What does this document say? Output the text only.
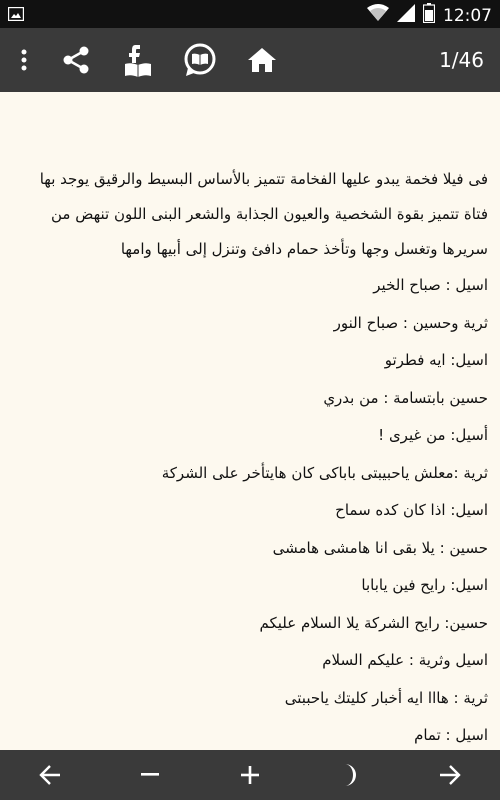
12:07
1/46
فى فيلا فخمة يبدو عليها الفخامة تتميز بالأساس البسيط والرقيق يوجد بها فتاة تتميز بقوة الشخصية والعيون الجذابة والشعر البنى اللون تنهض من سريرها وتغسل وجها وتأخذ حمام دافئ وتنزل إلى أبيها وامها
اسيل : صباح الخير
ثرية وحسين : صباح النور
اسيل: ايه فطرتو
حسين بابتسامة : من بدري
أسيل: من غيرى !
ثرية :معلش ياحبيبتى باباكى كان هايتأخر على الشركة
اسيل: اذا كان كده سماح
حسين : يلا بقى انا هامشى هامشى
اسيل: رايح فين يابابا
حسين: رايح الشركة يلا السلام عليكم
اسيل وثرية : عليكم السلام
ثرية : هااا ايه أخبار كليتك ياحببتى
اسيل : تمام
